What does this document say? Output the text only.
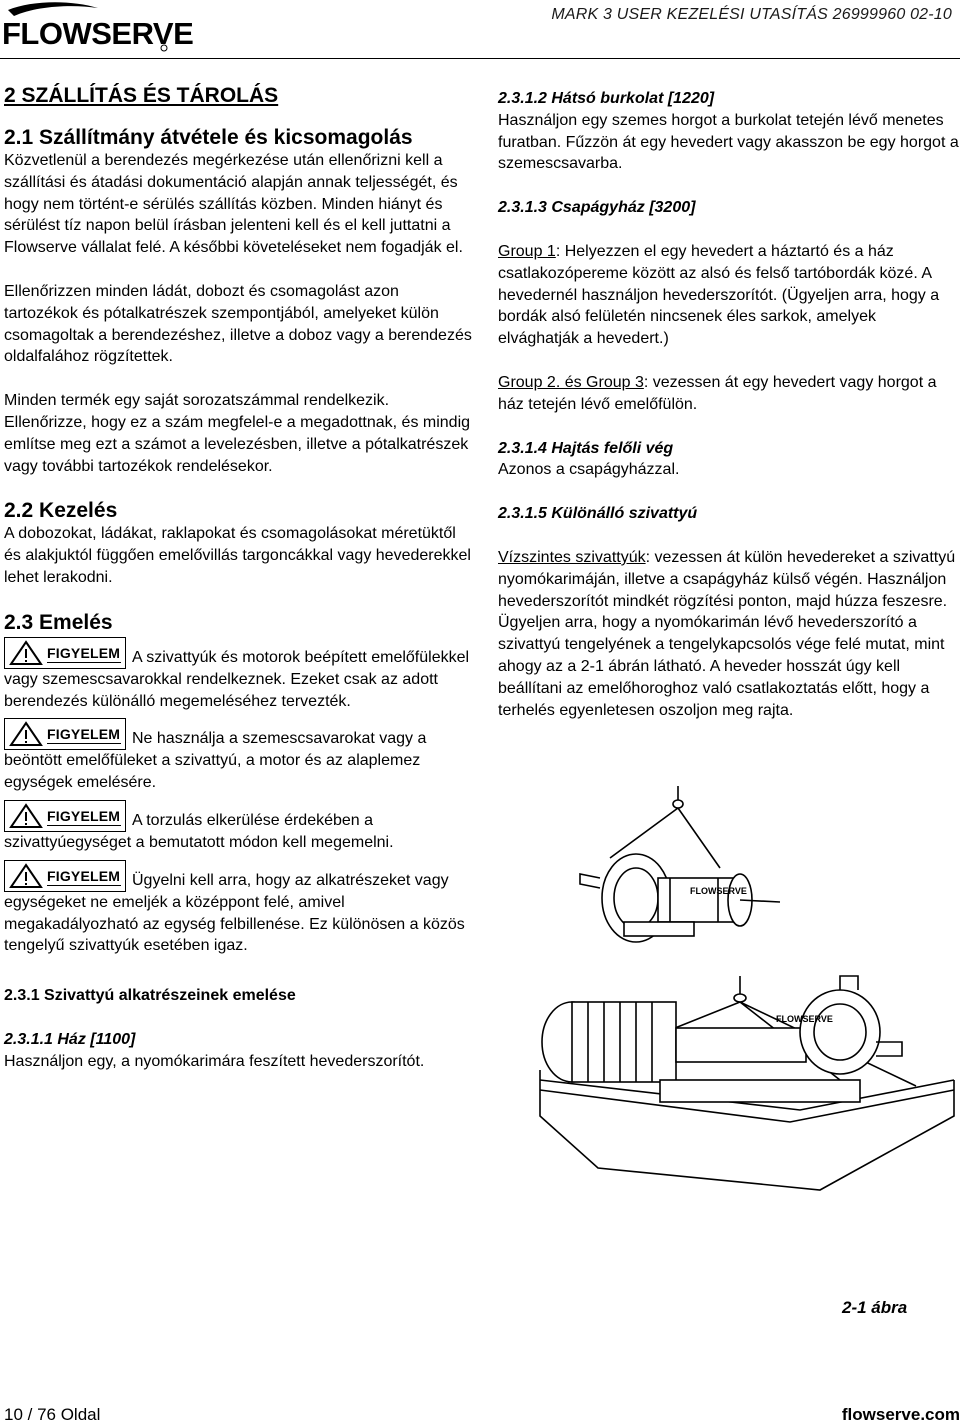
FLOWSERVE
MARK 3 USER KEZELÉSI UTASÍTÁS 26999960 02-10

2 SZÁLLÍTÁS ÉS TÁROLÁS

2.1 Szállítmány átvétele és kicsomagolás

Közvetlenül a berendezés megérkezése után ellenőrizni kell a szállítási és átadási dokumentáció alapján annak teljességét, és hogy nem történt-e sérülés szállítás közben. Minden hiányt és sérülést tíz napon belül írásban jelenteni kell és el kell juttatni a Flowserve vállalat felé. A későbbi követeléseket nem fogadják el.

Ellenőrizzen minden ládát, dobozt és csomagolást azon tartozékok és pótalkatrészek szempontjából, amelyeket külön csomagoltak a berendezéshez, illetve a doboz vagy a berendezés oldalfalához rögzítettek.

Minden termék egy saját sorozatszámmal rendelkezik. Ellenőrizze, hogy ez a szám megfelel-e a megadottnak, és mindig említse meg ezt a számot a levelezésben, illetve a pótalkatrészek vagy további tartozékok rendelésekor.

2.2 Kezelés

A dobozokat, ládákat, raklapokat és csomagolásokat méretüktől és alakjuktól függően emelővillás targoncákkal vagy hevederekkel lehet lerakodni.

2.3 Emelés

FIGYELEM A szivattyúk és motorok beépített emelőfülekkel vagy szemescsavarokkal rendelkeznek. Ezeket csak az adott berendezés különálló megemeléséhez tervezték.
FIGYELEM Ne használja a szemescsavarokat vagy a beöntött emelőfüleket a szivattyú, a motor és az alaplemez egységek emelésére.
FIGYELEM A torzulás elkerülése érdekében a szivattyúegységet a bemutatott módon kell megemelni.
FIGYELEM Ügyelni kell arra, hogy az alkatrészeket vagy egységeket ne emeljék a középpont felé, amivel megakadályozható az egység felbillenése. Ez különösen a közös tengelyű szivattyúk esetében igaz.

2.3.1 Szivattyú alkatrészeinek emelése

2.3.1.1 Ház [1100]

Használjon egy, a nyomókarimára feszített hevederszorítót.

2.3.1.2 Hátsó burkolat [1220]

Használjon egy szemes horgot a burkolat tetején lévő menetes furatban. Fűzzön át egy hevedert vagy akasszon be egy horgot a szemescsavarba.

2.3.1.3 Csapágyház [3200]

Group 1: Helyezzen el egy hevedert a háztartó és a ház csatlakozópereme között az alsó és felső tartóbordák közé. A hevedernél használjon hevederszorítót. (Ügyeljen arra, hogy a bordák alsó felületén nincsenek éles sarkok, amelyek elvághatják a hevedert.)

Group 2. és Group 3: vezessen át egy hevedert vagy horgot a ház tetején lévő emelőfülön.

2.3.1.4 Hajtás felőli vég

Azonos a csapágyházzal.

2.3.1.5 Különálló szivattyú

Vízszintes szivattyúk: vezessen át külön hevedereket a szivattyú nyomókarimáján, illetve a csapágyház külső végén. Használjon hevederszorítót mindkét rögzítési ponton, majd húzza feszesre. Ügyeljen arra, hogy a nyomókarimán lévő hevederszorító a szivattyú tengelyének a tengelykapcsolós vége felé mutat, mint ahogy az a 2-1 ábrán látható. A heveder hosszát úgy kell beállítani az emelőhoroghoz való csatlakoztatás előtt, hogy a terhelés egyenletesen oszoljon meg rajta.

FLOWSERVE
FLOWSERVE
2-1 ábra
10 / 76 Oldal	flowserve.com
